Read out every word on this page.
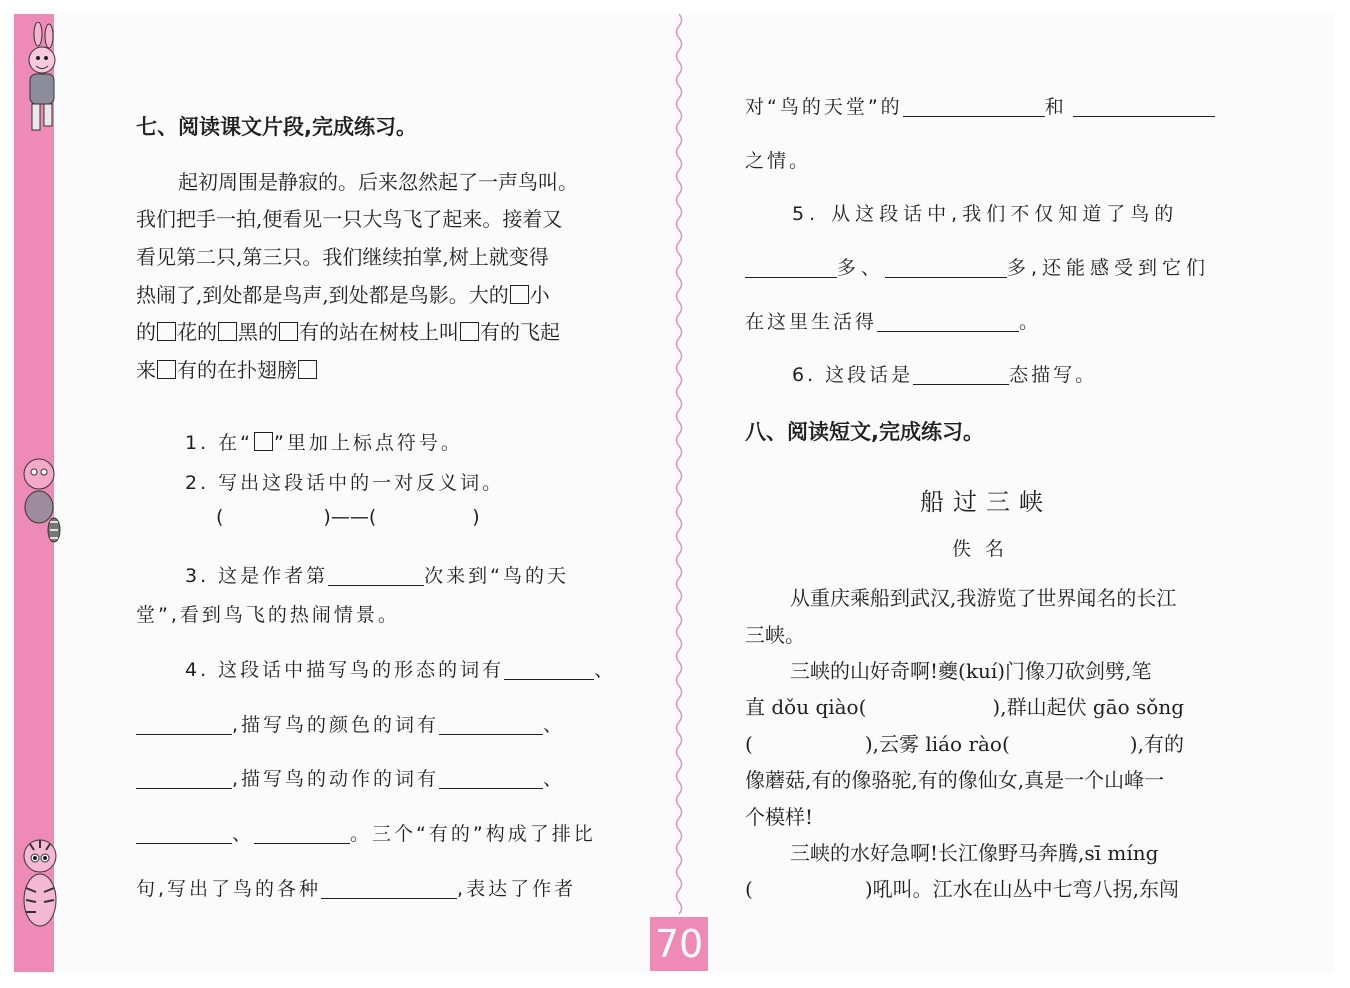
七、阅读课文片段,完成练习。
起初周围是静寂的。后来忽然起了一声鸟叫。
我们把手一拍,便看见一只大鸟飞了起来。接着又
看见第二只,第三只。我们继续拍掌,树上就变得
热闹了,到处都是鸟声,到处都是鸟影。大的 小
的 花的 黑的 有的站在树枝上叫 有的飞起
来 有的在扑翅膀
1. 在“ ”里加上标点符号。
2. 写出这段话中的一对反义词。
(	)——(	)
3. 这是作者第	次来到“鸟的天
堂”,看到鸟飞的热闹情景。
4. 这段话中描写鸟的形态的词有	、
,描写鸟的颜色的词有	、
,描写鸟的动作的词有	、
、	。三个“有的”构成了排比
句,写出了鸟的各种	,表达了作者
对“鸟的天堂”的	和
之情。
5. 从这段话中,我们不仅知道了鸟的
多、	多,还能感受到它们
在这里生活得	。
6. 这段话是	态描写。
八、阅读短文,完成练习。
船过三峡
佚 名
从重庆乘船到武汉,我游览了世界闻名的长江
三峡。
三峡的山好奇啊!夔(kuí)门像刀砍剑劈,笔
直 dǒu qiào(	),群山起伏 gāo sǒng
(	),云雾 liáo rào(	),有的
像蘑菇,有的像骆驼,有的像仙女,真是一个山峰一
个模样!
三峡的水好急啊!长江像野马奔腾,sī míng
(	)吼叫。江水在山丛中七弯八拐,东闯
70
